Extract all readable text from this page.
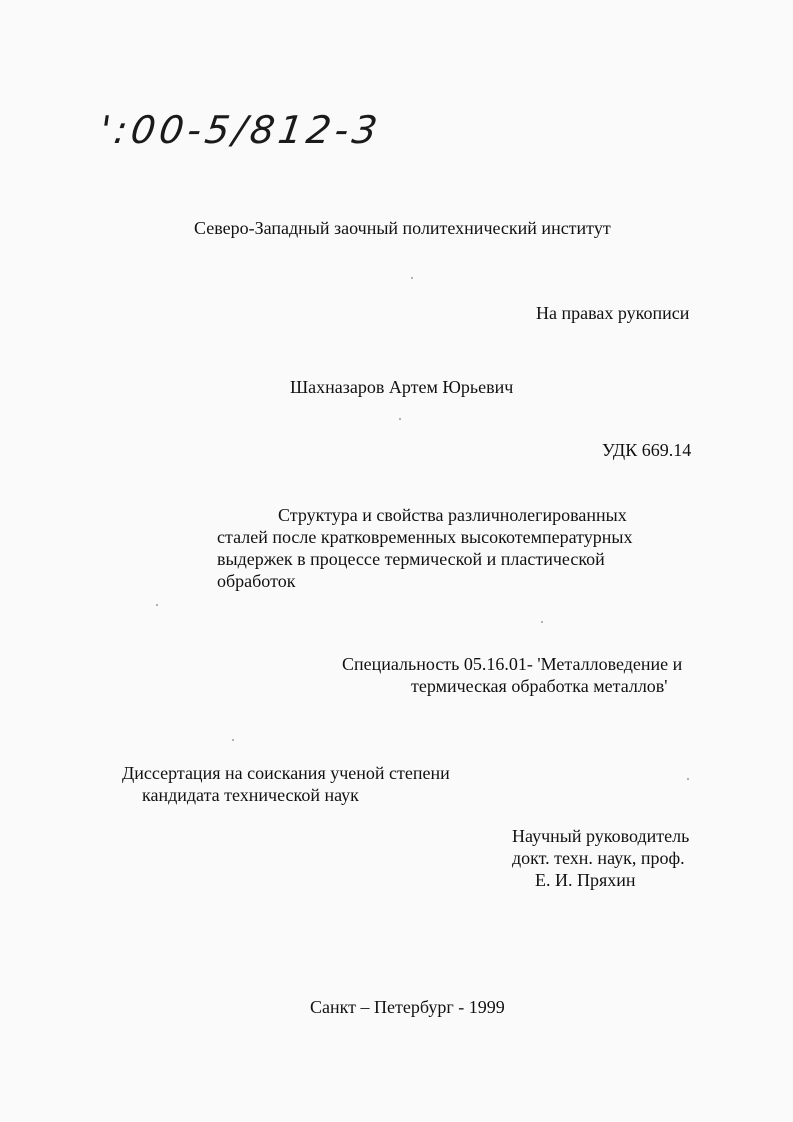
':00-5/812-3
Северо-Западный заочный политехнический институт
На правах рукописи
Шахназаров Артем Юрьевич
УДК 669.14
Структура и свойства различнолегированных
сталей после кратковременных высокотемпературных
выдержек в процессе термической и пластической
обработок
Специальность 05.16.01- 'Металловедение и
термическая обработка металлов'
Диссертация на соискания ученой степени
кандидата технической наук
Научный руководитель
докт. техн. наук, проф.
Е. И. Пряхин
Санкт – Петербург - 1999
